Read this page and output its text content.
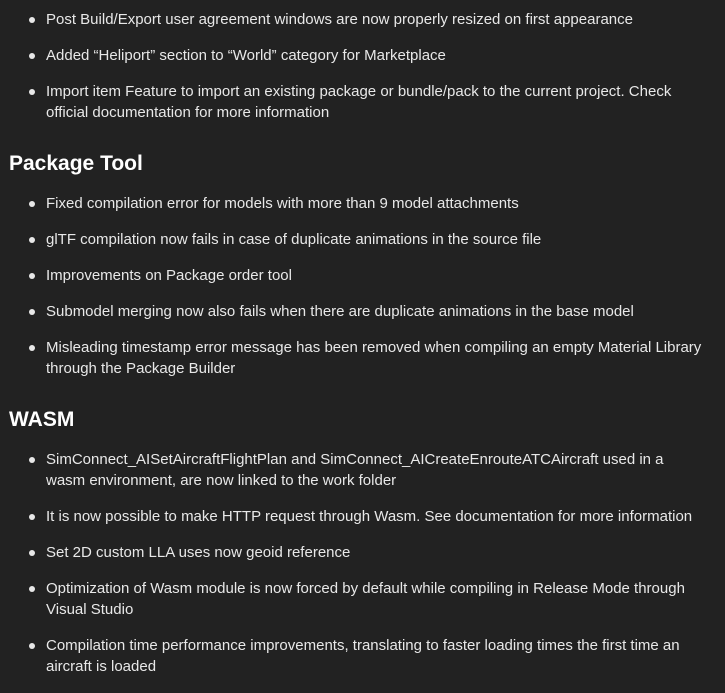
Post Build/Export user agreement windows are now properly resized on first appearance
Added “Heliport” section to “World” category for Marketplace
Import item Feature to import an existing package or bundle/pack to the current project. Check official documentation for more information
Package Tool
Fixed compilation error for models with more than 9 model attachments
glTF compilation now fails in case of duplicate animations in the source file
Improvements on Package order tool
Submodel merging now also fails when there are duplicate animations in the base model
Misleading timestamp error message has been removed when compiling an empty Material Library through the Package Builder
WASM
SimConnect_AISetAircraftFlightPlan and SimConnect_AICreateEnrouteATCAircraft used in a wasm environment, are now linked to the work folder
It is now possible to make HTTP request through Wasm. See documentation for more information
Set 2D custom LLA uses now geoid reference
Optimization of Wasm module is now forced by default while compiling in Release Mode through Visual Studio
Compilation time performance improvements, translating to faster loading times the first time an aircraft is loaded
